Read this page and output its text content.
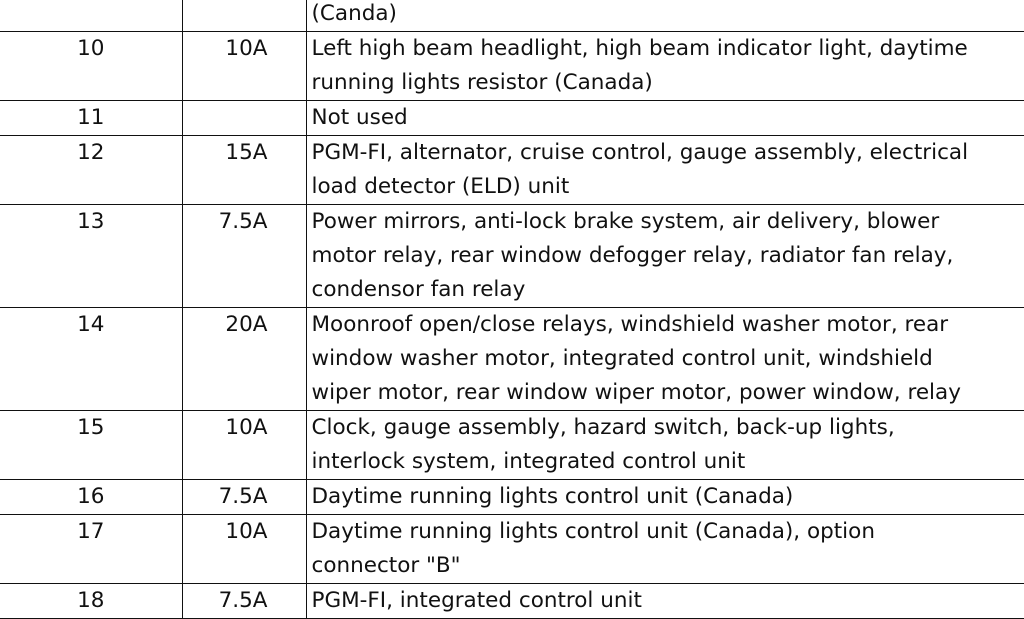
		(Canda)

10	10A	Left high beam headlight, high beam indicator light, daytime
running lights resistor (Canada)

11		Not used

12	15A	PGM-FI, alternator, cruise control, gauge assembly, electrical
load detector (ELD) unit

13	7.5A	Power mirrors, anti-lock brake system, air delivery, blower
motor relay, rear window defogger relay, radiator fan relay,
condensor fan relay

14	20A	Moonroof open/close relays, windshield washer motor, rear
window washer motor, integrated control unit, windshield
wiper motor, rear window wiper motor, power window, relay

15	10A	Clock, gauge assembly, hazard switch, back-up lights,
interlock system, integrated control unit

16	7.5A	Daytime running lights control unit (Canada)

17	10A	Daytime running lights control unit (Canada), option
connector "B"

18	7.5A	PGM-FI, integrated control unit
